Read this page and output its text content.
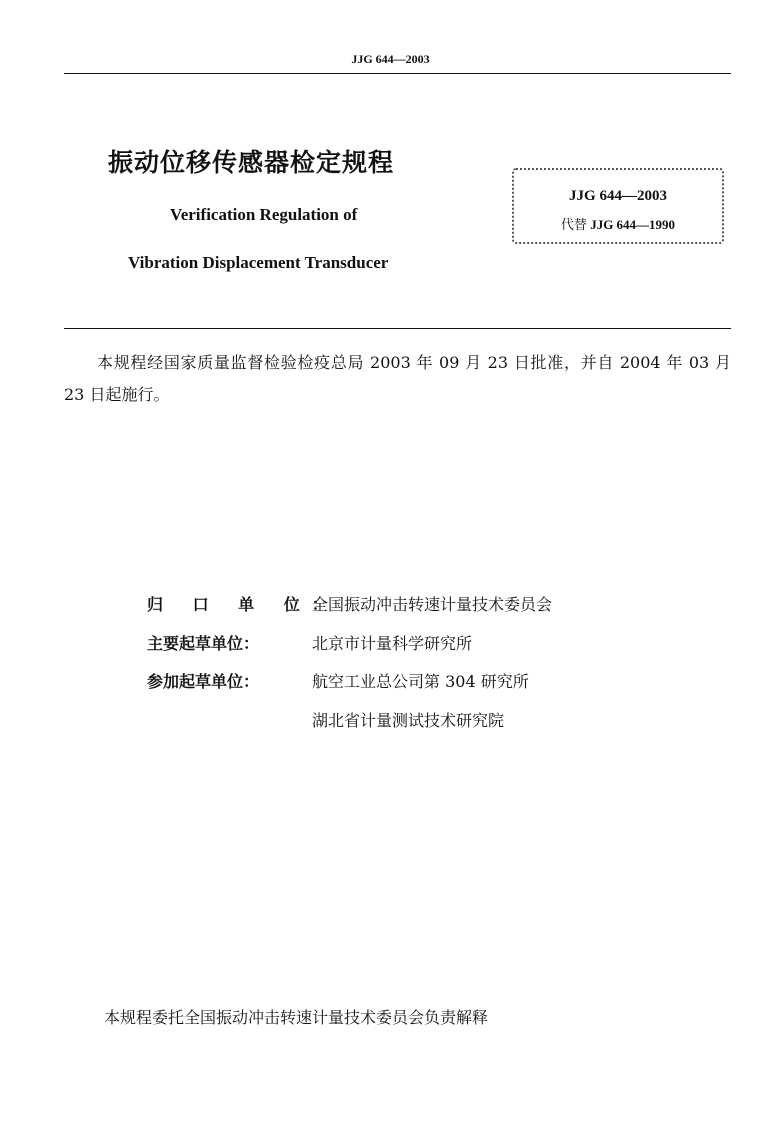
JJG 644—2003
振动位移传感器检定规程
Verification Regulation of
Vibration Displacement Transducer
JJG 644—2003
代替 JJG 644—1990
本规程经国家质量监督检验检疫总局 2003 年 09 月 23 日批准，并自 2004 年 03 月 23 日起施行。
归 口 单 位：
全国振动冲击转速计量技术委员会
主要起草单位：	北京市计量科学研究所
参加起草单位：	航空工业总公司第 304 研究所
湖北省计量测试技术研究院
本规程委托全国振动冲击转速计量技术委员会负责解释
